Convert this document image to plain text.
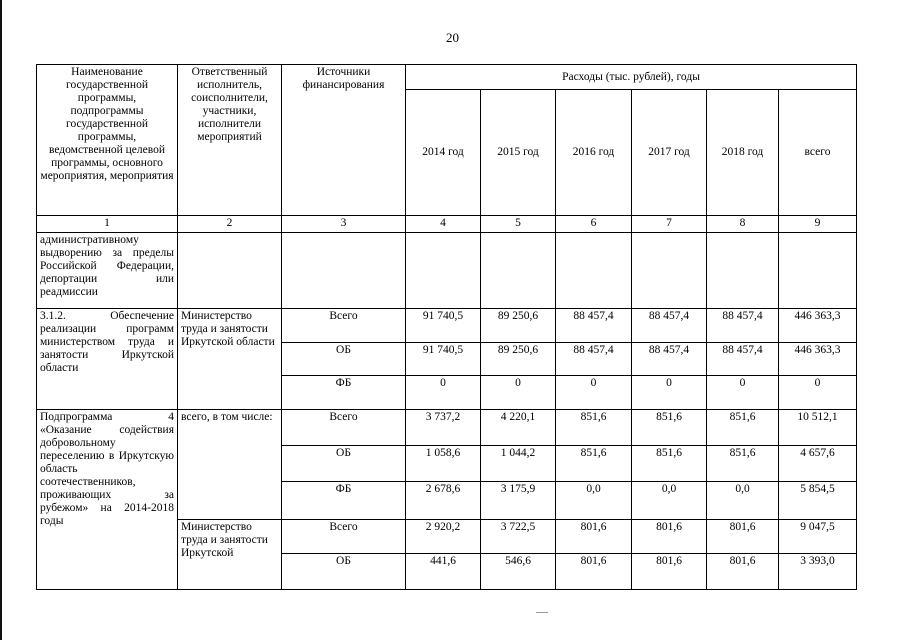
20
Наименование государственной программы, подпрограммы государственной программы, ведомственной целевой программы, основного мероприятия, мероприятия	Ответственный исполнитель, соисполнители, участники, исполнители мероприятий	Источники финансирования	Расходы (тыс. рублей), годы					
			2014 год	2015 год	2016 год	2017 год	2018 год	всего
1	2	3	4	5	6	7	8	9
административному выдворению за пределы Российской Федерации, депортации или реадмиссии								
3.1.2. Обеспечение реализации программ министерством труда и занятости Иркутской области	Министерство труда и занятости Иркутской области	Всего	91 740,5	89 250,6	88 457,4	88 457,4	88 457,4	446 363,3
		ОБ	91 740,5	89 250,6	88 457,4	88 457,4	88 457,4	446 363,3
		ФБ	0	0	0	0	0	0
Подпрограмма 4 «Оказание содействия добровольному переселению в Иркутскую область соотечественников, проживающих за рубежом» на 2014-2018 годы	всего, в том числе:	Всего	3 737,2	4 220,1	851,6	851,6	851,6	10 512,1
		ОБ	1 058,6	1 044,2	851,6	851,6	851,6	4 657,6
		ФБ	2 678,6	3 175,9	0,0	0,0	0,0	5 854,5
	Министерство труда и занятости Иркутской	Всего	2 920,2	3 722,5	801,6	801,6	801,6	9 047,5
		ОБ	441,6	546,6	801,6	801,6	801,6	3 393,0
